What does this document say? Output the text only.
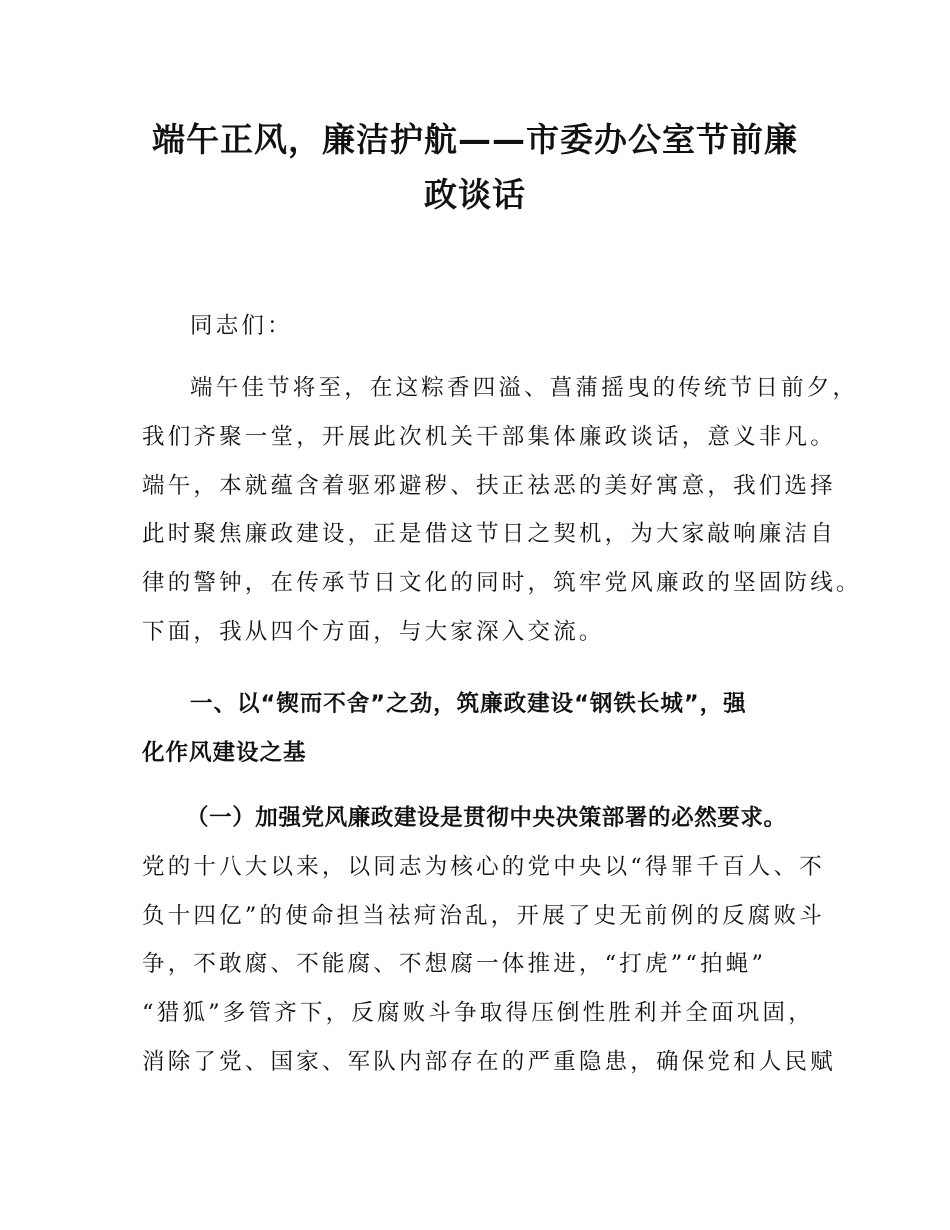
端午正风，廉洁护航——市委办公室节前廉
政谈话

同志们：

端午佳节将至，在这粽香四溢、菖蒲摇曳的传统节日前夕，
我们齐聚一堂，开展此次机关干部集体廉政谈话，意义非凡。
端午，本就蕴含着驱邪避秽、扶正祛恶的美好寓意，我们选择
此时聚焦廉政建设，正是借这节日之契机，为大家敲响廉洁自
律的警钟，在传承节日文化的同时，筑牢党风廉政的坚固防线。
下面，我从四个方面，与大家深入交流。

一、以“锲而不舍”之劲，筑廉政建设“钢铁长城”，强
化作风建设之基

（一）加强党风廉政建设是贯彻中央决策部署的必然要求。
党的十八大以来，以同志为核心的党中央以“得罪千百人、不
负十四亿”的使命担当祛疴治乱，开展了史无前例的反腐败斗
争，不敢腐、不能腐、不想腐一体推进，“打虎”“拍蝇”
“猎狐”多管齐下，反腐败斗争取得压倒性胜利并全面巩固，
消除了党、国家、军队内部存在的严重隐患，确保党和人民赋
